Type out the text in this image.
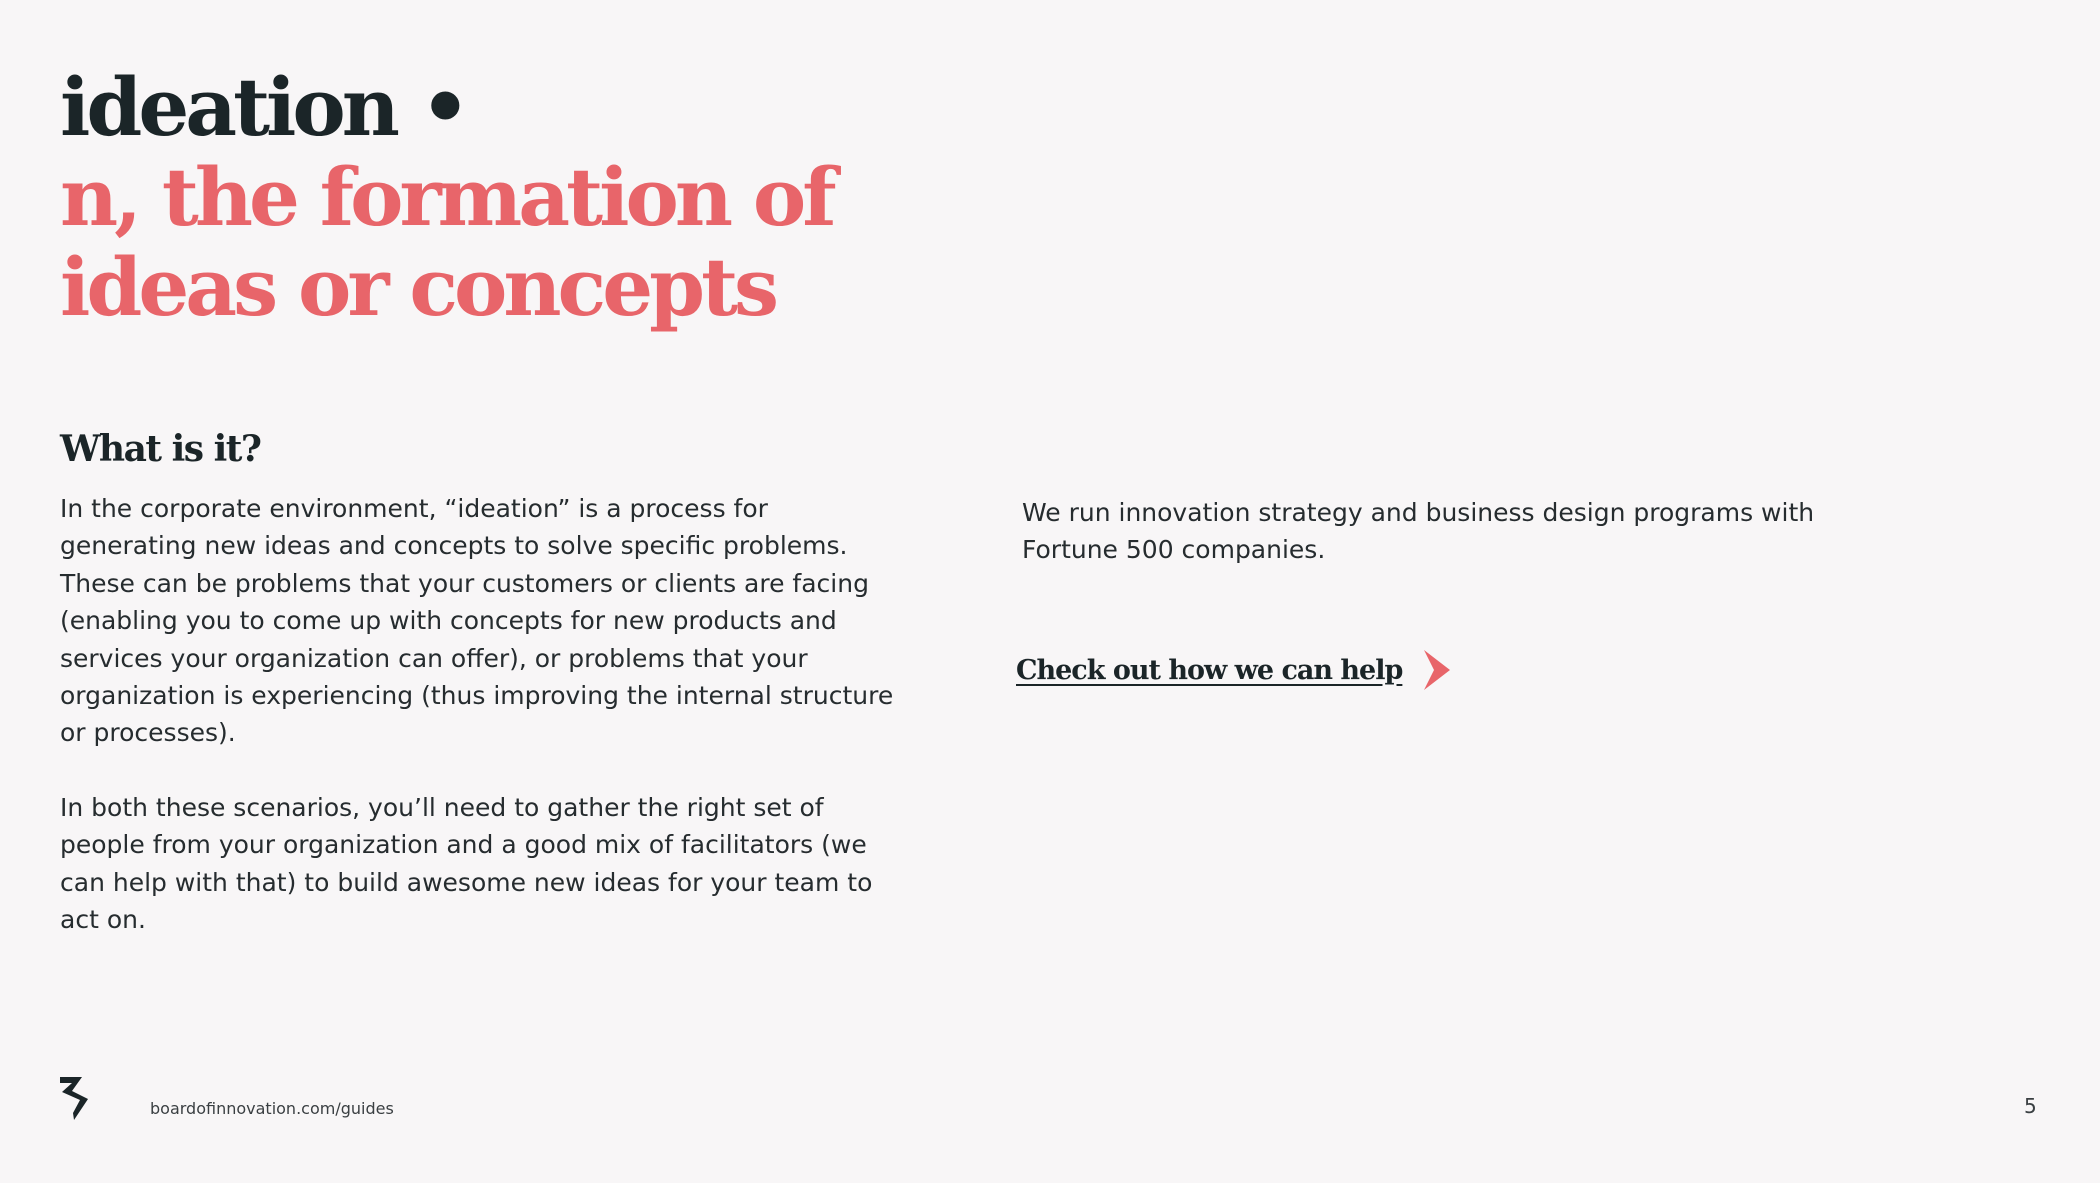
ideation •
n, the formation of
ideas or concepts
What is it?

In the corporate environment, “ideation” is a process for generating new ideas and concepts to solve specific problems. These can be problems that your customers or clients are facing (enabling you to come up with concepts for new products and services your organization can offer), or problems that your organization is experiencing (thus improving the internal structure or processes).

In both these scenarios, you’ll need to gather the right set of people from your organization and a good mix of facilitators (we can help with that) to build awesome new ideas for your team to act on.

We run innovation strategy and business design programs with Fortune 500 companies.

Check out how we can help
boardofinnovation.com/guides	5
